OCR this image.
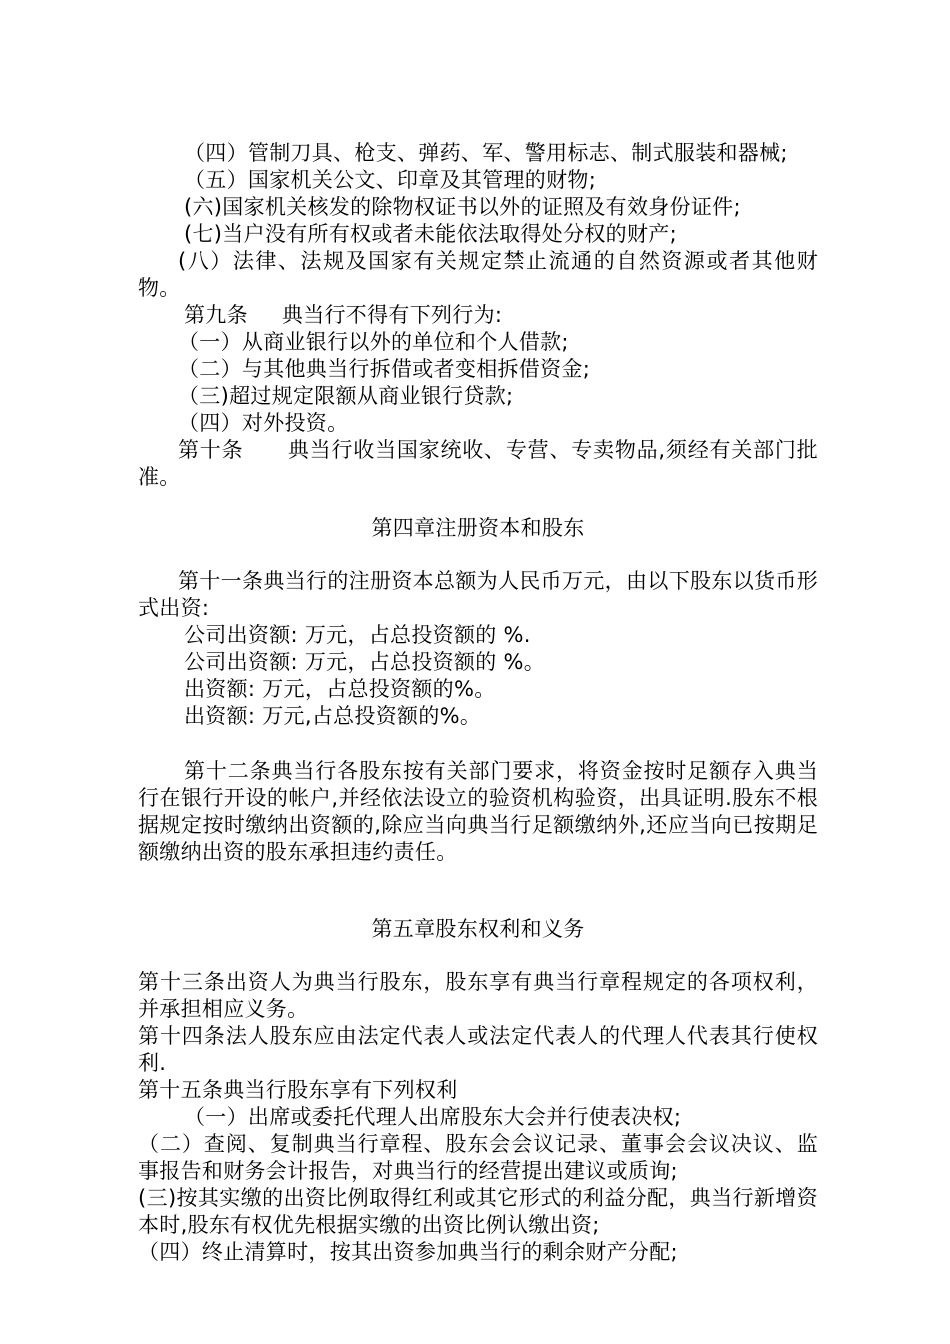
（四）管制刀具、枪支、弹药、军、警用标志、制式服装和器械;

（五）国家机关公文、印章及其管理的财物;

(六)国家机关核发的除物权证书以外的证照及有效身份证件;

(七)当户没有所有权或者未能依法取得处分权的财产;

(八）法律、法规及国家有关规定禁止流通的自然资源或者其他财物。

第九条 典当行不得有下列行为:

（一）从商业银行以外的单位和个人借款;

（二）与其他典当行拆借或者变相拆借资金;

（三)超过规定限额从商业银行贷款;

（四）对外投资。

第十条 典当行收当国家统收、专营、专卖物品,须经有关部门批准。

第四章注册资本和股东

第十一条典当行的注册资本总额为人民币万元，由以下股东以货币形式出资:

公司出资额: 万元，占总投资额的 %.

公司出资额: 万元，占总投资额的 %。

出资额: 万元，占总投资额的%。

出资额: 万元,占总投资额的%。

第十二条典当行各股东按有关部门要求，将资金按时足额存入典当行在银行开设的帐户,并经依法设立的验资机构验资，出具证明.股东不根据规定按时缴纳出资额的,除应当向典当行足额缴纳外,还应当向已按期足额缴纳出资的股东承担违约责任。

第五章股东权利和义务

第十三条出资人为典当行股东，股东享有典当行章程规定的各项权利，并承担相应义务。

第十四条法人股东应由法定代表人或法定代表人的代理人代表其行使权利.

第十五条典当行股东享有下列权利

（一）出席或委托代理人出席股东大会并行使表决权;

（二）查阅、复制典当行章程、股东会会议记录、董事会会议决议、监事报告和财务会计报告，对典当行的经营提出建议或质询;

(三)按其实缴的出资比例取得红利或其它形式的利益分配，典当行新增资本时,股东有权优先根据实缴的出资比例认缴出资;

（四）终止清算时，按其出资参加典当行的剩余财产分配;
